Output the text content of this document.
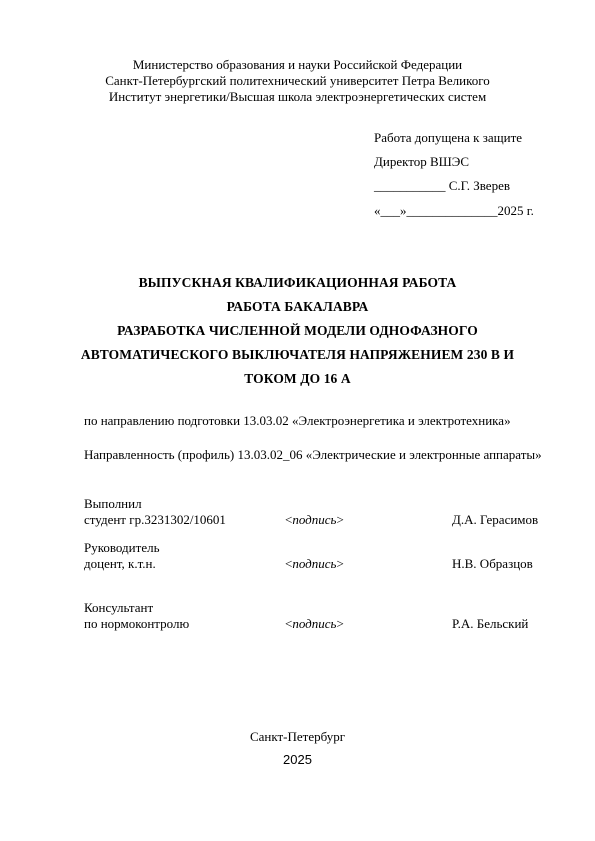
Министерство образования и науки Российской Федерации
Санкт-Петербургский политехнический университет Петра Великого
Институт энергетики/Высшая школа электроэнергетических систем
Работа допущена к защите
Директор ВШЭС
___________ С.Г. Зверев
«___»______________2025 г.
ВЫПУСКНАЯ КВАЛИФИКАЦИОННАЯ РАБОТА
РАБОТА БАКАЛАВРА
РАЗРАБОТКА ЧИСЛЕННОЙ МОДЕЛИ ОДНОФАЗНОГО
АВТОМАТИЧЕСКОГО ВЫКЛЮЧАТЕЛЯ НАПРЯЖЕНИЕМ 230 В И
ТОКОМ ДО 16 А
по направлению подготовки 13.03.02 «Электроэнергетика и электротехника»
Направленность (профиль) 13.03.02_06 «Электрические и электронные аппараты»
Выполнил
студент гр.3231302/10601	<подпись>	Д.А. Герасимов
Руководитель
доцент, к.т.н.	<подпись>	Н.В. Образцов
Консультант
по нормоконтролю	<подпись>	Р.А. Бельский
Санкт-Петербург
2025
